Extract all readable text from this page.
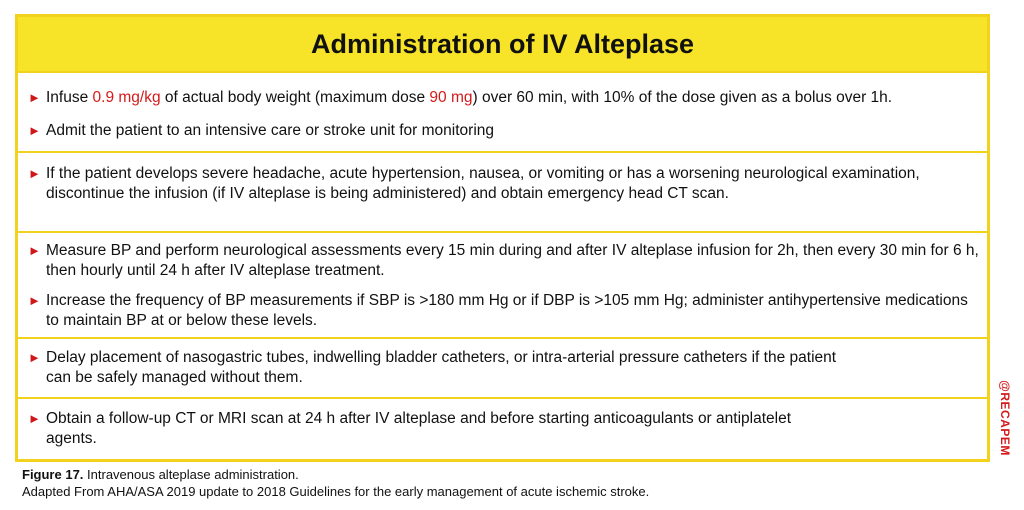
Administration of IV Alteplase
► Infuse 0.9 mg/kg of actual body weight (maximum dose 90 mg) over 60 min, with 10% of the dose given as a bolus over 1h.
► Admit the patient to an intensive care or stroke unit for monitoring
► If the patient develops severe headache, acute hypertension, nausea, or vomiting or has a worsening neurological examination, discontinue the infusion (if IV alteplase is being administered) and obtain emergency head CT scan.
► Measure BP and perform neurological assessments every 15 min during and after IV alteplase infusion for 2h, then every 30 min for 6 h, then hourly until 24 h after IV alteplase treatment.
► Increase the frequency of BP measurements if SBP is >180 mm Hg or if DBP is >105 mm Hg; administer antihypertensive medications to maintain BP at or below these levels.
► Delay placement of nasogastric tubes, indwelling bladder catheters, or intra-arterial pressure catheters if the patient can be safely managed without them.
► Obtain a follow-up CT or MRI scan at 24 h after IV alteplase and before starting anticoagulants or antiplatelet agents.	@RECAPEM
Figure 17. Intravenous alteplase administration.
Adapted From AHA/ASA 2019 update to 2018 Guidelines for the early management of acute ischemic stroke.
